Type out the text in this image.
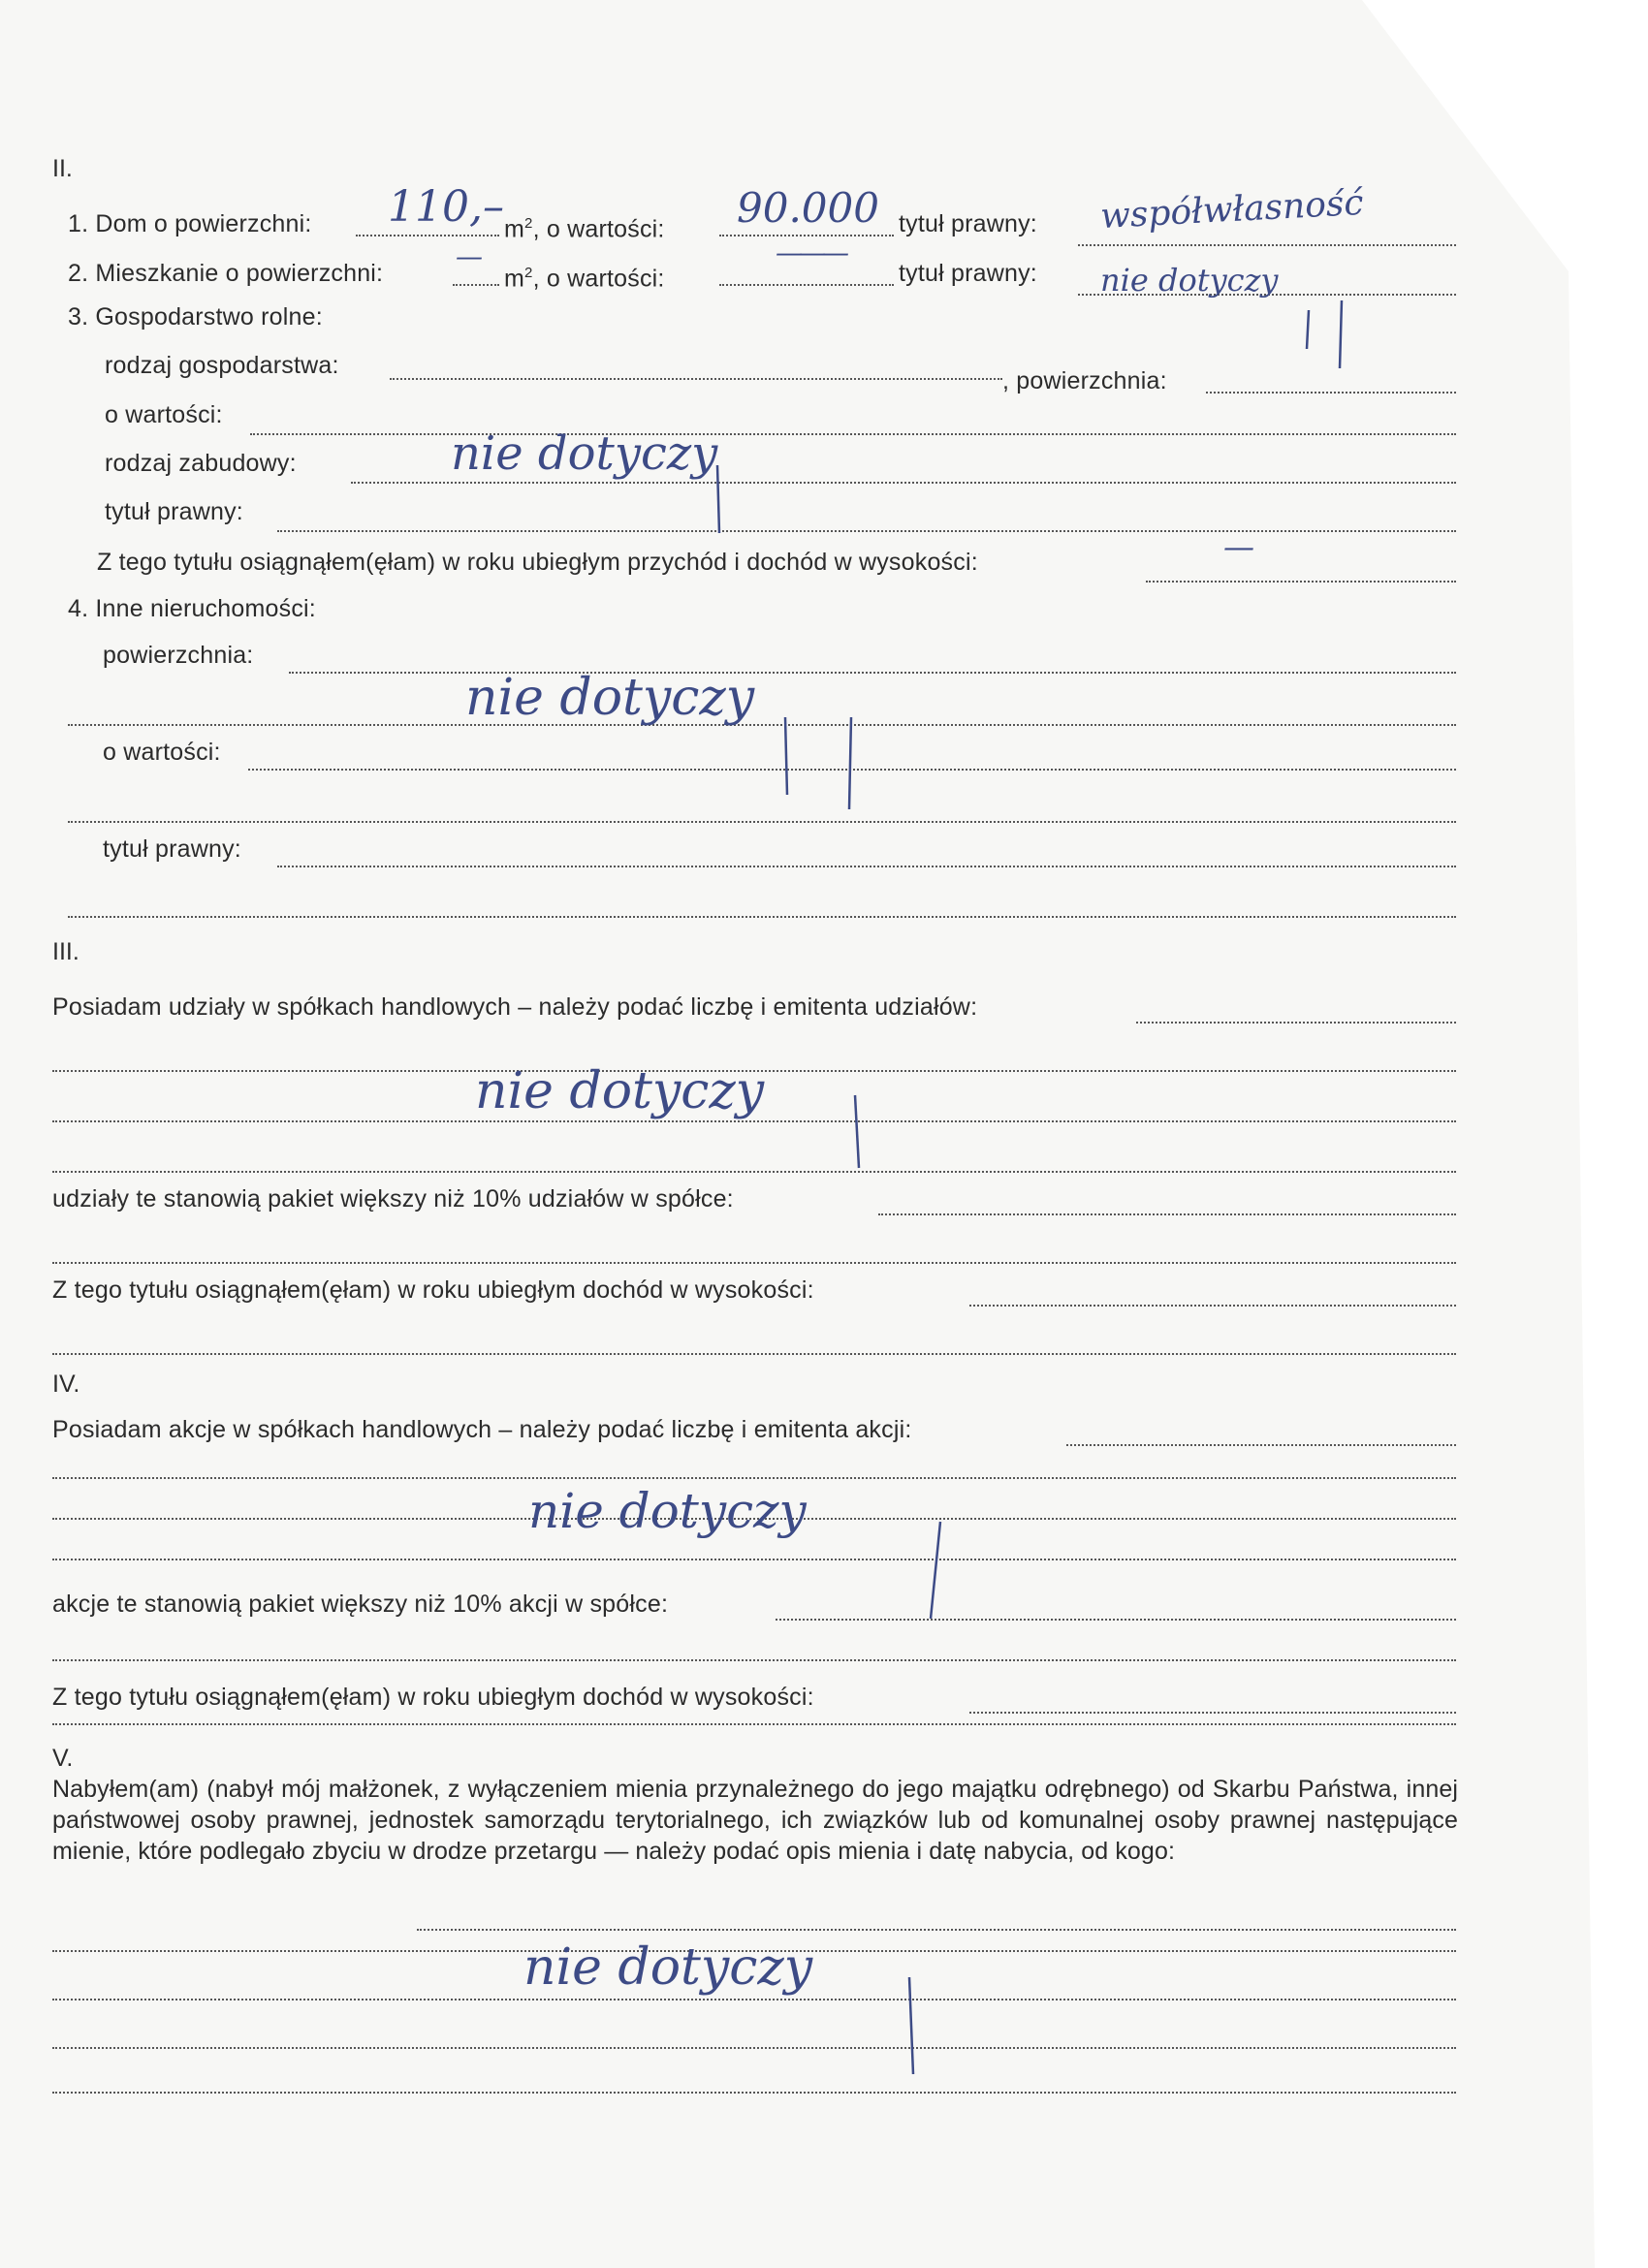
II.
1. Dom o powierzchni:	$m^2$, o wartości:	tytuł prawny:
110,–	90.000	współwłasność
2. Mieszkanie o powierzchni:	$m^2$, o wartości:	tytuł prawny:
—	———
nie dotyczy
3. Gospodarstwo rolne:
rodzaj gospodarstwa:
, powierzchnia:
o wartości:
rodzaj zabudowy:
tytuł prawny:
nie dotyczy
Z tego tytułu osiągnąłem(ęłam) w roku ubiegłym przychód i dochód w wysokości:	—
4. Inne nieruchomości:
powierzchnia:
o wartości:
tytuł prawny:
nie dotyczy
III.
Posiadam udziały w spółkach handlowych – należy podać liczbę i emitenta udziałów:
nie dotyczy
udziały te stanowią pakiet większy niż 10% udziałów w spółce:
Z tego tytułu osiągnąłem(ęłam) w roku ubiegłym dochód w wysokości:
IV.
Posiadam akcje w spółkach handlowych – należy podać liczbę i emitenta akcji:
nie dotyczy
akcje te stanowią pakiet większy niż 10% akcji w spółce:
Z tego tytułu osiągnąłem(ęłam) w roku ubiegłym dochód w wysokości:
V.
Nabyłem(am) (nabył mój małżonek, z wyłączeniem mienia przynależnego do jego majątku odrębnego) od Skarbu Państwa, innej państwowej osoby prawnej, jednostek samorządu terytorialnego, ich związków lub od komunalnej osoby prawnej następujące mienie, które podlegało zbyciu w drodze przetargu — należy podać opis mienia i datę nabycia, od kogo:
nie dotyczy
